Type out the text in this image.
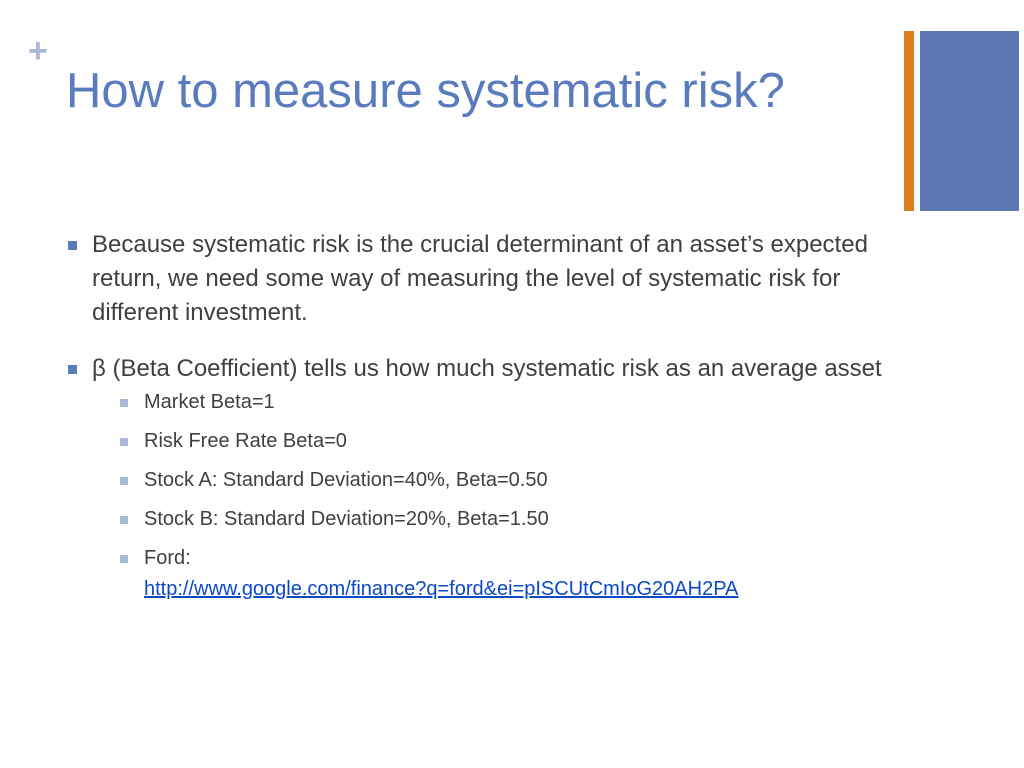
+
How to measure systematic risk?
Because systematic risk is the crucial determinant of an asset’s expected return, we need some way of measuring the level of systematic risk for different investment.
β (Beta Coefficient) tells us how much systematic risk as an average asset
Market Beta=1
Risk Free Rate Beta=0
Stock A: Standard Deviation=40%, Beta=0.50
Stock B: Standard Deviation=20%, Beta=1.50
Ford:
http://www.google.com/finance?q=ford&ei=pISCUtCmIoG20AH2PA
